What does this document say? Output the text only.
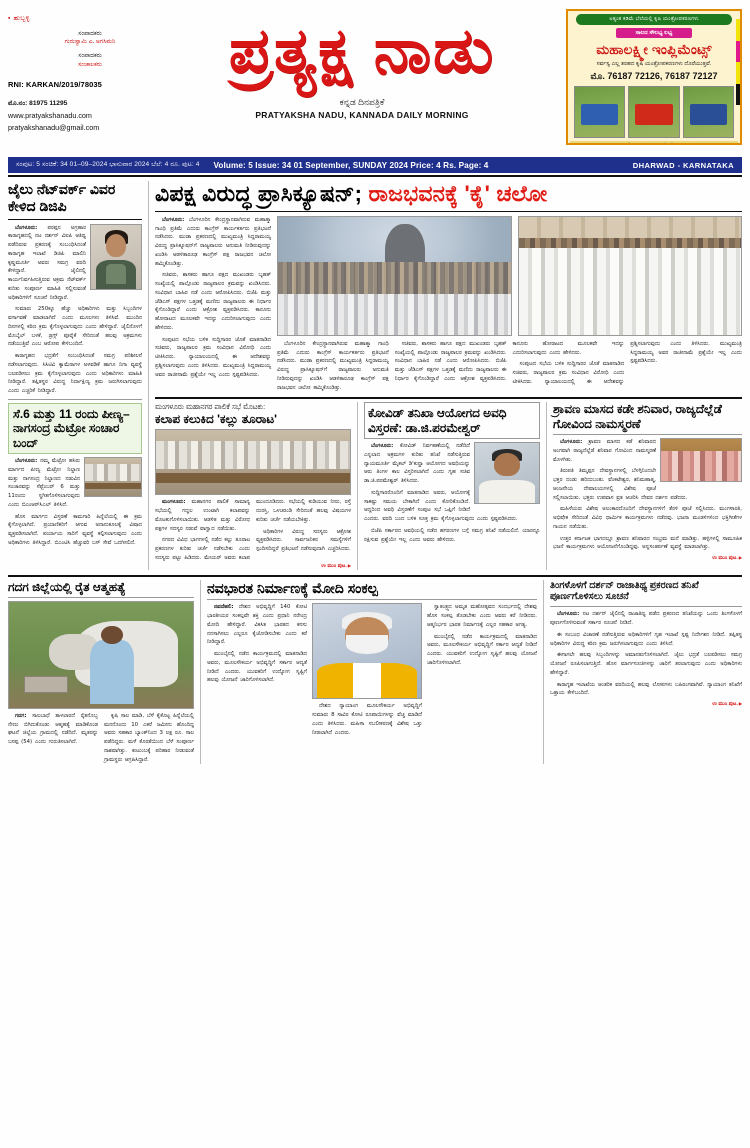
▪ ಹುಬ್ಬಳ್ಳಿ
ಸಂಪಾದಕರು
ಗುರುಸ್ವಾಮಿ ಎ. ಅಗಸಿಮನಿ
ಸಂಪಾದಕರು
ಸಂಚಾಲಕರು
RNI: KARKAN/2019/78035
ಮೊ.ನಂ: 81975 11295
www.pratyakshanadu.com
pratyakshanadu@gmail.com
ಪ್ರತ್ಯಕ್ಷ ನಾಡು
ಕನ್ನಡ ದಿನಪತ್ರಿಕೆ
PRATYAKSHA NADU, KANNADA DAILY MORNING
ಅತ್ಯಂತ ಕಡಿಮೆ ಬೆಲೆಯಲ್ಲಿ ಕೃಷಿ ಯಂತ್ರೋಪಕರಣಗಳು
ಸಾಲದ ಸೌಲಭ್ಯ ಲಭ್ಯ
ಮಹಾಲಕ್ಷ್ಮೀ ಇಂಪ್ಲಿಮೆಂಟ್ಸ್
ಸರ್ವಸ್ವ ಎಲ್ಲ ತರಹದ ಕೃಷಿ ಯಂತ್ರೋಪಕರಣಗಳು ದೊರೆಯುತ್ತವೆ.
ಮೊ. 76187 72126, 76187 72127
ವಿಳಾಸ: ಗದಗ ರಸ್ತೆ, ಹುಬ್ಬಳ್ಳಿ, ಧಾರವಾಡ ಜಿಲ್ಲೆ - ಮೊ: 76187 72126
ಸಂಪುಟ: 5 ಸಂಚಿಕೆ: 34 01–09–2024 ಭಾನುವಾರ 2024 ಬೆಲೆ: 4 ರೂ. ಪುಟ: 4 Volume: 5 Issue: 34 01 September, SUNDAY 2024 Price: 4 Rs. Page: 4	DHARWAD - KARNATAKA
ಜೈಲು ನೆಟ್‌ವರ್ಕ್ ವಿವರ ಕೇಳಿದ ಡಿಜಿಪಿ

ಬೆಂಗಳೂರು: ಪರಪ್ಪನ ಅಗ್ರಹಾರ ಕಾರಾಗೃಹದಲ್ಲಿ ನಟ ದರ್ಶನ್ ವಿಐಪಿ ಆತಿಥ್ಯ ಪಡೆದಿರುವ ಪ್ರಕರಣಕ್ಕೆ ಸಂಬಂಧಿಸಿದಂತೆ ಕಾರಾಗೃಹ ಇಲಾಖೆ ಡಿಜಿಪಿ ಮಾಲಿನಿ ಕೃಷ್ಣಮೂರ್ತಿ ಅವರು ಸಮಗ್ರ ವರದಿ ಕೇಳಿದ್ದಾರೆ. ಜೈಲಿನಲ್ಲಿ ಕಾರ್ಯನಿರ್ವಹಿಸುತ್ತಿರುವ ಅಕ್ರಮ ನೆಟ್‌ವರ್ಕ್ ಕುರಿತು ಸಂಪೂರ್ಣ ಮಾಹಿತಿ ಸಲ್ಲಿಸುವಂತೆ ಅಧಿಕಾರಿಗಳಿಗೆ ಸೂಚನೆ ನೀಡಿದ್ದಾರೆ.

ಸುಮಾರು 250ಕ್ಕೂ ಹೆಚ್ಚು ಅಧಿಕಾರಿಗಳು ಮತ್ತು ಸಿಬ್ಬಂದಿಗಳ ವರ್ಗಾವಣೆ ಮಾಡಲಾಗಿದೆ ಎಂದು ಮೂಲಗಳು ತಿಳಿಸಿವೆ. ಮುಂದಿನ ದಿನಗಳಲ್ಲಿ ಕಠಿಣ ಕ್ರಮ ಕೈಗೊಳ್ಳಲಾಗುವುದು ಎಂದು ಹೇಳಿದ್ದಾರೆ. ಜೈಲಿನೊಳಗೆ ಮೊಬೈಲ್ ಬಳಕೆ, ಡ್ರಗ್ಸ್ ಪೂರೈಕೆ ಸೇರಿದಂತೆ ಹಲವು ಅಕ್ರಮಗಳು ನಡೆಯುತ್ತಿವೆ ಎಂಬ ಆರೋಪ ಕೇಳಿಬಂದಿದೆ.

ಕಾರಾಗೃಹದ ಭದ್ರತೆಗೆ ಸಂಬಂಧಿಸಿದಂತೆ ಸಮಗ್ರ ಪರಿಶೀಲನೆ ನಡೆಸಲಾಗುವುದು. ಸಿಸಿಟಿವಿ ಕ್ಯಾಮೆರಾಗಳ ಅಳವಡಿಕೆ ಹಾಗೂ ನಿಗಾ ವ್ಯವಸ್ಥೆ ಬಲಪಡಿಸಲು ಕ್ರಮ ಕೈಗೊಳ್ಳಲಾಗುವುದು ಎಂದು ಅಧಿಕಾರಿಗಳು ಮಾಹಿತಿ ನೀಡಿದ್ದಾರೆ. ತಪ್ಪಿತಸ್ಥರ ವಿರುದ್ಧ ನಿರ್ದಾಕ್ಷಿಣ್ಯ ಕ್ರಮ ಜರುಗಿಸಲಾಗುವುದು ಎಂದು ಎಚ್ಚರಿಕೆ ನೀಡಿದ್ದಾರೆ.

ಸೆ.6 ಮತ್ತು 11 ರಂದು ಪೀಣ್ಯ–ನಾಗಸಂದ್ರ ಮೆಟ್ರೋ ಸಂಚಾರ ಬಂದ್

ಬೆಂಗಳೂರು: ನಮ್ಮ ಮೆಟ್ರೋ ಹಸಿರು ಮಾರ್ಗದ ಪೀಣ್ಯ ಮೆಟ್ರೋ ನಿಲ್ದಾಣ ಮತ್ತು ನಾಗಸಂದ್ರ ನಿಲ್ದಾಣದ ನಡುವಿನ ಸಂಚಾರವನ್ನು ಸೆಪ್ಟೆಂಬರ್ 6 ಮತ್ತು 11ರಂದು ಸ್ಥಗಿತಗೊಳಿಸಲಾಗುವುದು ಎಂದು ಬಿಎಂಆರ್‌ಸಿಎಲ್ ತಿಳಿಸಿದೆ.

ಹೊಸ ಮಾರ್ಗದ ವಿಸ್ತರಣೆ ಕಾಮಗಾರಿ ಹಿನ್ನೆಲೆಯಲ್ಲಿ ಈ ಕ್ರಮ ಕೈಗೊಳ್ಳಲಾಗಿದೆ. ಪ್ರಯಾಣಿಕರಿಗೆ ಆಗುವ ಅನಾನುಕೂಲಕ್ಕೆ ವಿಷಾದ ವ್ಯಕ್ತಪಡಿಸಲಾಗಿದೆ. ಪರ್ಯಾಯ ಸಾರಿಗೆ ವ್ಯವಸ್ಥೆ ಕಲ್ಪಿಸಲಾಗುವುದು ಎಂದು ಅಧಿಕಾರಿಗಳು ತಿಳಿಸಿದ್ದಾರೆ. ಬಿಎಂಟಿಸಿ ಹೆಚ್ಚುವರಿ ಬಸ್ ಸೇವೆ ಒದಗಿಸಲಿದೆ.

ವಿಪಕ್ಷ ವಿರುದ್ಧ ಪ್ರಾಸಿಕ್ಯೂಷನ್; ರಾಜಭವನಕ್ಕೆ 'ಕೈ' ಚಲೋ

ಬೆಂಗಳೂರು: ಬೆಂಗಳೂರಿನ ಕೇಂದ್ರಸ್ಥಾನವಾಗಿರುವ ಮಹಾತ್ಮಾ ಗಾಂಧಿ ಪ್ರತಿಮೆ ಎದುರು ಕಾಂಗ್ರೆಸ್ ಕಾರ್ಯಕರ್ತರು ಪ್ರತಿಭಟನೆ ನಡೆಸಿದರು. ಮುಡಾ ಪ್ರಕರಣದಲ್ಲಿ ಮುಖ್ಯಮಂತ್ರಿ ಸಿದ್ದರಾಮಯ್ಯ ವಿರುದ್ಧ ಪ್ರಾಸಿಕ್ಯೂಷನ್‌ಗೆ ರಾಜ್ಯಪಾಲರು ಅನುಮತಿ ನೀಡಿರುವುದನ್ನು ಖಂಡಿಸಿ ಆಡಳಿತಾರೂಢ ಕಾಂಗ್ರೆಸ್ ಪಕ್ಷ ರಾಜಭವನ ಚಲೋ ಹಮ್ಮಿಕೊಂಡಿತ್ತು.

ಸಚಿವರು, ಶಾಸಕರು ಹಾಗೂ ಪಕ್ಷದ ಮುಖಂಡರು ಬೃಹತ್ ಸಂಖ್ಯೆಯಲ್ಲಿ ಪಾಲ್ಗೊಂಡು ರಾಜ್ಯಪಾಲರ ಕ್ರಮವನ್ನು ಖಂಡಿಸಿದರು. ಸಂವಿಧಾನ ಬಾಹಿರ ನಡೆ ಎಂದು ಆರೋಪಿಸಿದರು. ಬಿಜೆಪಿ ಮತ್ತು ಜೆಡಿಎಸ್ ಪಕ್ಷಗಳ ಒತ್ತಡಕ್ಕೆ ಮಣಿದು ರಾಜ್ಯಪಾಲರು ಈ ನಿರ್ಧಾರ ಕೈಗೊಂಡಿದ್ದಾರೆ ಎಂದು ಆಕ್ರೋಶ ವ್ಯಕ್ತಪಡಿಸಿದರು. ಕಾನೂನು ಹೋರಾಟದ ಮೂಲಕವೇ ಇದನ್ನು ಎದುರಿಸಲಾಗುವುದು ಎಂದು ಹೇಳಿದರು.

ಸಂಪುಟದ ಸಭೆಯ ಬಳಿಕ ಸುದ್ದಿಗಾರರ ಜೊತೆ ಮಾತನಾಡಿದ ಸಚಿವರು, ರಾಜ್ಯಪಾಲರ ಕ್ರಮ ಸಂವಿಧಾನ ವಿರೋಧಿ ಎಂದು ಟೀಕಿಸಿದರು. ನ್ಯಾಯಾಲಯದಲ್ಲಿ ಈ ಆದೇಶವನ್ನು ಪ್ರಶ್ನಿಸಲಾಗುವುದು ಎಂದು ತಿಳಿಸಿದರು. ಮುಖ್ಯಮಂತ್ರಿ ಸಿದ್ದರಾಮಯ್ಯ ಅವರ ರಾಜೀನಾಮೆ ಪ್ರಶ್ನೆಯೇ ಇಲ್ಲ ಎಂದು ಸ್ಪಷ್ಟಪಡಿಸಿದರು.

ಬೆಂಗಳೂರಿನ ಕೇಂದ್ರಸ್ಥಾನವಾಗಿರುವ ಮಹಾತ್ಮಾ ಗಾಂಧಿ ಪ್ರತಿಮೆ ಎದುರು ಕಾಂಗ್ರೆಸ್ ಕಾರ್ಯಕರ್ತರು ಪ್ರತಿಭಟನೆ ನಡೆಸಿದರು. ಮುಡಾ ಪ್ರಕರಣದಲ್ಲಿ ಮುಖ್ಯಮಂತ್ರಿ ಸಿದ್ದರಾಮಯ್ಯ ವಿರುದ್ಧ ಪ್ರಾಸಿಕ್ಯೂಷನ್‌ಗೆ ರಾಜ್ಯಪಾಲರು ಅನುಮತಿ ನೀಡಿರುವುದನ್ನು ಖಂಡಿಸಿ ಆಡಳಿತಾರೂಢ ಕಾಂಗ್ರೆಸ್ ಪಕ್ಷ ರಾಜಭವನ ಚಲೋ ಹಮ್ಮಿಕೊಂಡಿತ್ತು.

ಸಚಿವರು, ಶಾಸಕರು ಹಾಗೂ ಪಕ್ಷದ ಮುಖಂಡರು ಬೃಹತ್ ಸಂಖ್ಯೆಯಲ್ಲಿ ಪಾಲ್ಗೊಂಡು ರಾಜ್ಯಪಾಲರ ಕ್ರಮವನ್ನು ಖಂಡಿಸಿದರು. ಸಂವಿಧಾನ ಬಾಹಿರ ನಡೆ ಎಂದು ಆರೋಪಿಸಿದರು. ಬಿಜೆಪಿ ಮತ್ತು ಜೆಡಿಎಸ್ ಪಕ್ಷಗಳ ಒತ್ತಡಕ್ಕೆ ಮಣಿದು ರಾಜ್ಯಪಾಲರು ಈ ನಿರ್ಧಾರ ಕೈಗೊಂಡಿದ್ದಾರೆ ಎಂದು ಆಕ್ರೋಶ ವ್ಯಕ್ತಪಡಿಸಿದರು. ಕಾನೂನು ಹೋರಾಟದ ಮೂಲಕವೇ ಇದನ್ನು ಎದುರಿಸಲಾಗುವುದು ಎಂದು ಹೇಳಿದರು.

ಸಂಪುಟದ ಸಭೆಯ ಬಳಿಕ ಸುದ್ದಿಗಾರರ ಜೊತೆ ಮಾತನಾಡಿದ ಸಚಿವರು, ರಾಜ್ಯಪಾಲರ ಕ್ರಮ ಸಂವಿಧಾನ ವಿರೋಧಿ ಎಂದು ಟೀಕಿಸಿದರು. ನ್ಯಾಯಾಲಯದಲ್ಲಿ ಈ ಆದೇಶವನ್ನು ಪ್ರಶ್ನಿಸಲಾಗುವುದು ಎಂದು ತಿಳಿಸಿದರು. ಮುಖ್ಯಮಂತ್ರಿ ಸಿದ್ದರಾಮಯ್ಯ ಅವರ ರಾಜೀನಾಮೆ ಪ್ರಶ್ನೆಯೇ ಇಲ್ಲ ಎಂದು ಸ್ಪಷ್ಟಪಡಿಸಿದರು.

ಮಂಗಳೂರು ಮಹಾನಗರ ಪಾಲಿಕೆ ಸಭೆ ಮೊಟಕು:
ಕಲಾಪ ಕಲುಕಿದ 'ಕಲ್ಲು ತೂರಾಟ'

ಮಂಗಳೂರು: ಮಹಾನಗರ ಪಾಲಿಕೆ ಸಾಮಾನ್ಯ ಸಭೆಯಲ್ಲಿ ಗದ್ದಲ ಉಂಟಾಗಿ ಕಲಾಪವನ್ನು ಮೊಟಕುಗೊಳಿಸಲಾಯಿತು. ಆಡಳಿತ ಮತ್ತು ವಿರೋಧ ಪಕ್ಷಗಳ ಸದಸ್ಯರ ನಡುವೆ ವಾಗ್ವಾದ ನಡೆಯಿತು.

ನಗರದ ವಿವಿಧ ಭಾಗಗಳಲ್ಲಿ ನಡೆದ ಕಲ್ಲು ತೂರಾಟ ಪ್ರಕರಣಗಳ ಕುರಿತು ಚರ್ಚೆ ನಡೆಸಬೇಕು ಎಂದು ಸದಸ್ಯರು ಪಟ್ಟು ಹಿಡಿದರು. ಮೇಯರ್ ಅವರು ಕಲಾಪ ಮುಂದೂಡಿದರು. ಸಭೆಯಲ್ಲಿ ಕುಡಿಯುವ ನೀರು, ರಸ್ತೆ ದುರಸ್ತಿ, ಒಳಚರಂಡಿ ಸೇರಿದಂತೆ ಹಲವು ವಿಷಯಗಳ ಕುರಿತು ಚರ್ಚೆ ನಡೆಯಬೇಕಿತ್ತು.

ಅಧಿಕಾರಿಗಳ ವಿರುದ್ಧ ಸದಸ್ಯರು ಆಕ್ರೋಶ ವ್ಯಕ್ತಪಡಿಸಿದರು. ಸಾರ್ವಜನಿಕರ ಸಮಸ್ಯೆಗಳಿಗೆ ಸ್ಪಂದಿಸದಿದ್ದರೆ ಪ್ರತಿಭಟನೆ ನಡೆಸುವುದಾಗಿ ಎಚ್ಚರಿಸಿದರು.

ಉ ಮುಂ ಪುಟ. ▶
ಕೋವಿಡ್ ತನಿಖಾ ಆಯೋಗದ ಅವಧಿ ವಿಸ್ತರಣೆ: ಡಾ.ಜಿ.ಪರಮೇಶ್ವರ್

ಬೆಂಗಳೂರು: ಕೋವಿಡ್ ನಿರ್ವಹಣೆಯಲ್ಲಿ ನಡೆದಿದೆ ಎನ್ನಲಾದ ಅಕ್ರಮಗಳ ಕುರಿತು ತನಿಖೆ ನಡೆಸುತ್ತಿರುವ ನ್ಯಾಯಮೂರ್ತಿ ಮೈಕಲ್ ಡಿ'ಕುನ್ಹಾ ಆಯೋಗದ ಅವಧಿಯನ್ನು ಆರು ತಿಂಗಳ ಕಾಲ ವಿಸ್ತರಿಸಲಾಗಿದೆ ಎಂದು ಗೃಹ ಸಚಿವ ಡಾ.ಜಿ.ಪರಮೇಶ್ವರ್ ತಿಳಿಸಿದರು.

ಸುದ್ದಿಗಾರರೊಂದಿಗೆ ಮಾತನಾಡಿದ ಅವರು, ಆಯೋಗಕ್ಕೆ ಸಾಕಷ್ಟು ಸಮಯ ಬೇಕಾಗಿದೆ ಎಂದು ಕೋರಿಕೊಂಡಿದೆ. ಆದ್ದರಿಂದ ಅವಧಿ ವಿಸ್ತರಣೆಗೆ ಸಂಪುಟ ಸಭೆ ಒಪ್ಪಿಗೆ ನೀಡಿದೆ ಎಂದರು. ವರದಿ ಬಂದ ಬಳಿಕ ಸೂಕ್ತ ಕ್ರಮ ಕೈಗೊಳ್ಳಲಾಗುವುದು ಎಂದು ಸ್ಪಷ್ಟಪಡಿಸಿದರು.

ಬಿಜೆಪಿ ಸರ್ಕಾರದ ಅವಧಿಯಲ್ಲಿ ನಡೆದ ಹಗರಣಗಳ ಬಗ್ಗೆ ಸಮಗ್ರ ತನಿಖೆ ನಡೆಯಲಿದೆ. ಯಾರನ್ನೂ ರಕ್ಷಿಸುವ ಪ್ರಶ್ನೆಯೇ ಇಲ್ಲ ಎಂದು ಅವರು ಹೇಳಿದರು.

ಶ್ರಾವಣ ಮಾಸದ ಕಡೇ ಶನಿವಾರ, ರಾಜ್ಯದೆಲ್ಲೆಡೆ ಗೋವಿಂದ ನಾಮಸ್ಮರಣೆ

ಬೆಂಗಳೂರು: ಶ್ರಾವಣ ಮಾಸದ ಕಡೆ ಶನಿವಾರದ ಅಂಗವಾಗಿ ರಾಜ್ಯದೆಲ್ಲೆಡೆ ಶನಿವಾರ ಗೋವಿಂದ ನಾಮಸ್ಮರಣೆ ಮೊಳಗಿತು.

ತಿರುಪತಿ ತಿಮ್ಮಪ್ಪನ ದೇವಸ್ಥಾನಗಳಲ್ಲಿ ಬೆಳಗ್ಗಿನಿಂದಲೇ ಭಕ್ತರ ದಂಡು ಹರಿದುಬಂತು. ವೆಂಕಟೇಶ್ವರ, ಶನಿಮಹಾತ್ಮ, ಆಂಜನೇಯ ದೇವಾಲಯಗಳಲ್ಲಿ ವಿಶೇಷ ಪೂಜೆ ಸಲ್ಲಿಸಲಾಯಿತು. ಭಕ್ತರು ಉಪವಾಸ ವ್ರತ ಆಚರಿಸಿ ದೇವರ ದರ್ಶನ ಪಡೆದರು.

ಮಹಿಳೆಯರು ವಿಶೇಷ ಅಲಂಕಾರದೊಂದಿಗೆ ದೇವಸ್ಥಾನಗಳಿಗೆ ತೆರಳಿ ಪೂಜೆ ಸಲ್ಲಿಸಿದರು. ಮಂಗಳಾರತಿ, ಅಭಿಷೇಕ ಸೇರಿದಂತೆ ವಿವಿಧ ಧಾರ್ಮಿಕ ಕಾರ್ಯಕ್ರಮಗಳು ನಡೆದವು. ಭಜನಾ ಮಂಡಳಿಗಳಿಂದ ಭಕ್ತಿಗೀತೆಗಳ ಗಾಯನ ನಡೆಯಿತು.

ಉತ್ತರ ಕರ್ನಾಟಕ ಭಾಗದಲ್ಲೂ ಶ್ರಾವಣ ಶನಿವಾರದ ಸಂಭ್ರಮ ಮನೆ ಮಾಡಿತ್ತು. ಹಳ್ಳಿಗಳಲ್ಲಿ ಸಾಮೂಹಿಕ ಭಜನೆ ಕಾರ್ಯಕ್ರಮಗಳು ಆಯೋಜನೆಗೊಂಡಿದ್ದವು. ಅನ್ನಸಂತರ್ಪಣೆ ವ್ಯವಸ್ಥೆ ಮಾಡಲಾಗಿತ್ತು.

ಉ ಮುಂ ಪುಟ. ▶
ಗದಗ ಜಿಲ್ಲೆಯಲ್ಲಿ ರೈತ ಆತ್ಮಹತ್ಯೆ

ಗದಗ: ಸಾಲಬಾಧೆ ತಾಳಲಾರದೆ ರೈತನೊಬ್ಬ ನೇಣು ಬಿಗಿದುಕೊಂಡು ಆತ್ಮಹತ್ಯೆ ಮಾಡಿಕೊಂಡ ಘಟನೆ ಜಿಲ್ಲೆಯ ಗ್ರಾಮದಲ್ಲಿ ನಡೆದಿದೆ. ಮೃತರನ್ನು ಬಸಪ್ಪ (54) ಎಂದು ಗುರುತಿಸಲಾಗಿದೆ.

ಕೃಷಿ ಸಾಲ ಮಾಡಿ, ಬೆಳೆ ಕೈಕೊಟ್ಟ ಹಿನ್ನೆಲೆಯಲ್ಲಿ ಮನನೊಂದು 10 ಎಕರೆ ಜಮೀನು ಹೊಂದಿದ್ದ ಅವರು ಸಹಕಾರ ಬ್ಯಾಂಕ್‌ನಿಂದ 3 ಲಕ್ಷ ರೂ. ಸಾಲ ಪಡೆದಿದ್ದರು. ಮಳೆ ಕೊರತೆಯಿಂದ ಬೆಳೆ ಸಂಪೂರ್ಣ ನಾಶವಾಗಿತ್ತು. ಕುಟುಂಬಕ್ಕೆ ಪರಿಹಾರ ನೀಡುವಂತೆ ಗ್ರಾಮಸ್ಥರು ಆಗ್ರಹಿಸಿದ್ದಾರೆ.

ನವಭಾರತ ನಿರ್ಮಾಣಕ್ಕೆ ಮೋದಿ ಸಂಕಲ್ಪ

ನವದೆಹಲಿ: ದೇಶದ ಅಭಿವೃದ್ಧಿಗೆ 140 ಕೋಟಿ ಭಾರತೀಯರ ಸಂಕಲ್ಪವೇ ಶಕ್ತಿ ಎಂದು ಪ್ರಧಾನಿ ನರೇಂದ್ರ ಮೋದಿ ಹೇಳಿದ್ದಾರೆ. ವಿಕಸಿತ ಭಾರತದ ಕನಸು ನನಸಾಗಿಸಲು ಎಲ್ಲರೂ ಕೈಜೋಡಿಸಬೇಕು ಎಂದು ಕರೆ ನೀಡಿದ್ದಾರೆ.

ಮುಂಬೈನಲ್ಲಿ ನಡೆದ ಕಾರ್ಯಕ್ರಮದಲ್ಲಿ ಮಾತನಾಡಿದ ಅವರು, ಮೂಲಸೌಕರ್ಯ ಅಭಿವೃದ್ಧಿಗೆ ಸರ್ಕಾರ ಆದ್ಯತೆ ನೀಡಿದೆ ಎಂದರು. ಯುವಕರಿಗೆ ಉದ್ಯೋಗ ಸೃಷ್ಟಿಗೆ ಹಲವು ಯೋಜನೆ ಜಾರಿಗೊಳಿಸಲಾಗಿದೆ.

ದೇಶದ ನ್ಯಾಯಾಂಗ ಮೂಲಸೌಕರ್ಯ ಅಭಿವೃದ್ಧಿಗೆ ಸುಮಾರು 8 ಸಾವಿರ ಕೋಟಿ ರೂಪಾಯಿಗಳನ್ನು ವೆಚ್ಚ ಮಾಡಿದೆ ಎಂದು ತಿಳಿಸಿದರು. ಮಹಿಳಾ ಸಬಲೀಕರಣಕ್ಕೆ ವಿಶೇಷ ಒತ್ತು ನೀಡಲಾಗಿದೆ ಎಂದರು.

ಸ್ವಾತಂತ್ರ್ಯದ ಅಮೃತ ಮಹೋತ್ಸವದ ಸಂದರ್ಭದಲ್ಲಿ ದೇಶವು ಹೊಸ ಸಂಕಲ್ಪ ತೊಡಬೇಕು ಎಂದು ಅವರು ಕರೆ ನೀಡಿದರು. ಆತ್ಮನಿರ್ಭರ ಭಾರತ ನಿರ್ಮಾಣಕ್ಕೆ ಎಲ್ಲರ ಸಹಕಾರ ಅಗತ್ಯ.

ಮುಂಬೈನಲ್ಲಿ ನಡೆದ ಕಾರ್ಯಕ್ರಮದಲ್ಲಿ ಮಾತನಾಡಿದ ಅವರು, ಮೂಲಸೌಕರ್ಯ ಅಭಿವೃದ್ಧಿಗೆ ಸರ್ಕಾರ ಆದ್ಯತೆ ನೀಡಿದೆ ಎಂದರು. ಯುವಕರಿಗೆ ಉದ್ಯೋಗ ಸೃಷ್ಟಿಗೆ ಹಲವು ಯೋಜನೆ ಜಾರಿಗೊಳಿಸಲಾಗಿದೆ.

ತಿಂಗಳೊಳಗೆ ದರ್ಶನ್ ರಾಜಾತಿಥ್ಯ ಪ್ರಕರಣದ ತನಿಖೆ ಪೂರ್ಣಗೊಳಿಸಲು ಸೂಚನೆ

ಬೆಂಗಳೂರು: ನಟ ದರ್ಶನ್ ಜೈಲಿನಲ್ಲಿ ರಾಜಾತಿಥ್ಯ ಪಡೆದ ಪ್ರಕರಣದ ತನಿಖೆಯನ್ನು ಒಂದು ತಿಂಗಳೊಳಗೆ ಪೂರ್ಣಗೊಳಿಸುವಂತೆ ಸರ್ಕಾರ ಸೂಚನೆ ನೀಡಿದೆ.

ಈ ಸಂಬಂಧ ವಿಚಾರಣೆ ನಡೆಸುತ್ತಿರುವ ಅಧಿಕಾರಿಗಳಿಗೆ ಗೃಹ ಇಲಾಖೆ ಸ್ಪಷ್ಟ ನಿರ್ದೇಶನ ನೀಡಿದೆ. ತಪ್ಪಿತಸ್ಥ ಅಧಿಕಾರಿಗಳ ವಿರುದ್ಧ ಕಠಿಣ ಕ್ರಮ ಜರುಗಿಸಲಾಗುವುದು ಎಂದು ತಿಳಿಸಿದೆ.

ಈಗಾಗಲೇ ಹಲವು ಸಿಬ್ಬಂದಿಗಳನ್ನು ಅಮಾನತುಗೊಳಿಸಲಾಗಿದೆ. ಜೈಲು ಭದ್ರತೆ ಬಲಪಡಿಸಲು ಸಮಗ್ರ ಯೋಜನೆ ರೂಪಿಸಲಾಗುತ್ತಿದೆ. ಹೊಸ ಮಾರ್ಗಸೂಚಿಗಳನ್ನು ಜಾರಿಗೆ ತರಲಾಗುವುದು ಎಂದು ಅಧಿಕಾರಿಗಳು ಹೇಳಿದ್ದಾರೆ.

ಕಾರಾಗೃಹ ಇಲಾಖೆಯ ಆಂತರಿಕ ವರದಿಯಲ್ಲಿ ಹಲವು ಲೋಪಗಳು ಬಹಿರಂಗವಾಗಿವೆ. ನ್ಯಾಯಾಂಗ ತನಿಖೆಗೆ ಒತ್ತಾಯ ಕೇಳಿಬಂದಿದೆ.

ಉ ಮುಂ ಪುಟ. ▶
